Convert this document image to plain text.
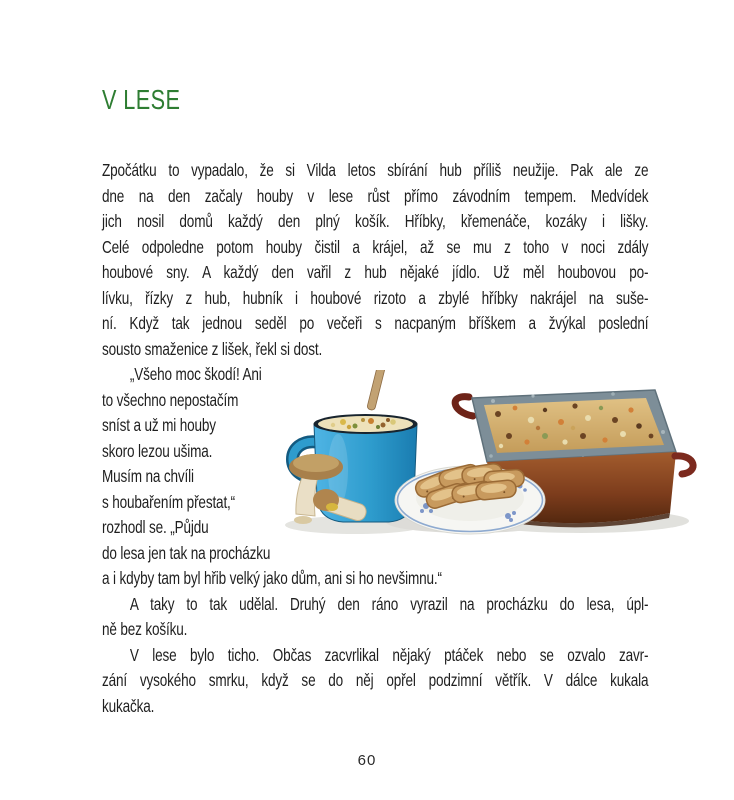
V LESE
Zpočátku to vypadalo, že si Vilda letos sbírání hub příliš neužije. Pak ale ze
dne na den začaly houby v lese růst přímo závodním tempem. Medvídek
jich nosil domů každý den plný košík. Hříbky, křemenáče, kozáky i lišky.
Celé odpoledne potom houby čistil a krájel, až se mu z toho v noci zdály
houbové sny. A každý den vařil z hub nějaké jídlo. Už měl houbovou po-
lívku, řízky z hub, hubník i houbové rizoto a zbylé hříbky nakrájel na suše-
ní. Když tak jednou seděl po večeři s nacpaným bříškem a žvýkal poslední
sousto smaženice z lišek, řekl si dost.
„Všeho moc škodí! Ani
to všechno nepostačím
sníst a už mi houby
skoro lezou ušima.
Musím na chvíli
s houbařením přestat,“
rozhodl se. „Půjdu
do lesa jen tak na procházku
a i kdyby tam byl hřib velký jako dům, ani si ho nevšimnu.“
A taky to tak udělal. Druhý den ráno vyrazil na procházku do lesa, úpl-
ně bez košíku.
V lese bylo ticho. Občas zacvrlikal nějaký ptáček nebo se ozvalo zavr-
zání vysokého smrku, když se do něj opřel podzimní větřík. V dálce kukala
kukačka.
60
